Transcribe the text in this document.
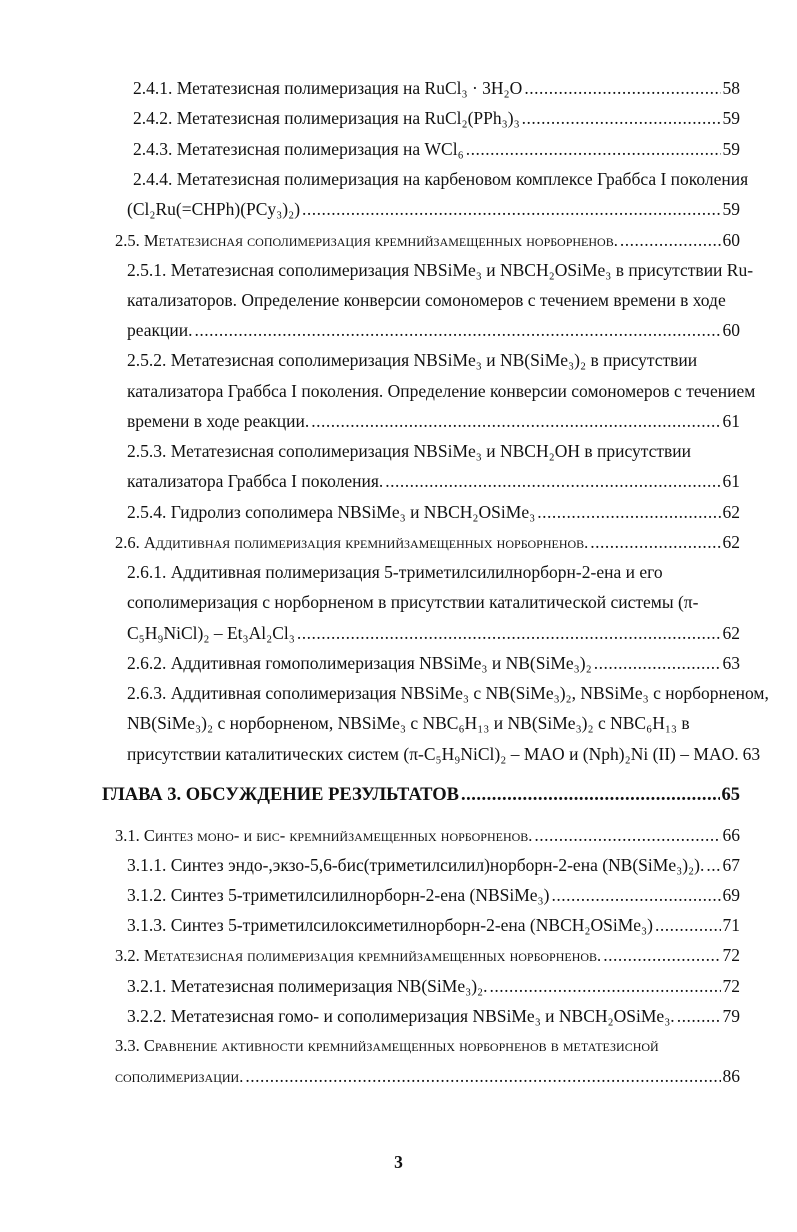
2.4.1. Метатезисная полимеризация на RuCl₃ · 3H₂O .....	58
2.4.2. Метатезисная полимеризация на RuCl₂(PPh₃)₃ .....	59
2.4.3. Метатезисная полимеризация на WCl₆ .....	59
2.4.4. Метатезисная полимеризация на карбеновом комплексе Граббса I поколения
(Cl₂Ru(=CHPh)(PCy₃)₂) .....	59
2.5. Метатезисная сополимеризация кремнийзамещенных норборненов. .....	60
2.5.1. Метатезисная сополимеризация NBSiMe₃ и NBCH₂OSiMe₃ в присутствии Ru-
катализаторов. Определение конверсии сомономеров с течением времени в ходе
реакции. .....	60
2.5.2. Метатезисная сополимеризация NBSiMe₃ и NB(SiMe₃)₂ в присутствии
катализатора Граббса I поколения. Определение конверсии сомономеров с течением
времени в ходе реакции. .....	61
2.5.3. Метатезисная сополимеризация NBSiMe₃ и NBCH₂OH в присутствии
катализатора Граббса I поколения. .....	61
2.5.4. Гидролиз сополимера NBSiMe₃ и NBCH₂OSiMe₃ .....	62
2.6. Аддитивная полимеризация кремнийзамещенных норборненов. .....	62
2.6.1. Аддитивная полимеризация 5-триметилсилилнорборн-2-ена и его
сополимеризация с норборненом в присутствии каталитической системы (π-
C₅H₉NiCl)₂ – Et₃Al₂Cl₃ .....	62
2.6.2. Аддитивная гомополимеризация NBSiMe₃ и NB(SiMe₃)₂ .....	63
2.6.3. Аддитивная сополимеризация NBSiMe₃ с NB(SiMe₃)₂, NBSiMe₃ с норборненом,
NB(SiMe₃)₂ с норборненом, NBSiMe₃ с NBC₆H₁₃ и NB(SiMe₃)₂ с NBC₆H₁₃ в
присутствии каталитических систем (π-C₅H₉NiCl)₂ – MAO и (Nph)₂Ni (II) – MAO. 63
ГЛАВА 3. ОБСУЖДЕНИЕ РЕЗУЛЬТАТОВ .....	65
3.1. Синтез моно- и бис- кремнийзамещенных норборненов. .....	66
3.1.1. Синтез эндо-,экзо-5,6-бис(триметилсилил)норборн-2-ена (NB(SiMe₃)₂). ..... 67
3.1.2. Синтез 5-триметилсилилнорборн-2-ена (NBSiMe₃) .....	69
3.1.3. Синтез 5-триметилсилоксиметилнорборн-2-ена (NBCH₂OSiMe₃) .....	71
3.2. Метатезисная полимеризация кремнийзамещенных норборненов. .....	72
3.2.1. Метатезисная полимеризация NB(SiMe₃)₂. .....	72
3.2.2. Метатезисная гомо- и сополимеризация NBSiMe₃ и NBCH₂OSiMe₃. .....	79
3.3. Сравнение активности кремнийзамещенных норборненов в метатезисной
сополимеризации. .....	86
3
